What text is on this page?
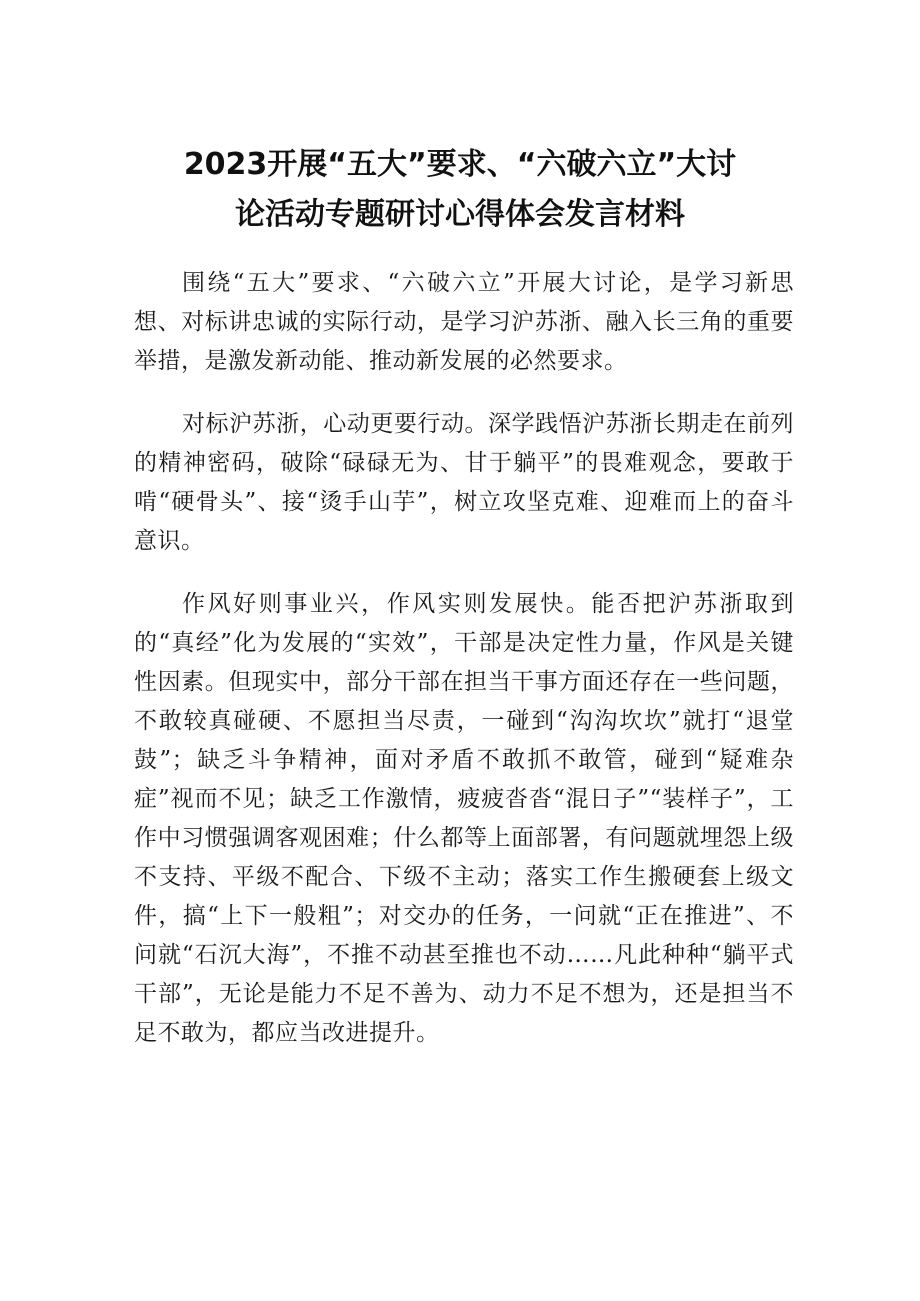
2023开展“五大”要求、“六破六立”大讨
论活动专题研讨心得体会发言材料

围绕“五大”要求、“六破六立”开展大讨论，是学习新思想、对标讲忠诚的实际行动，是学习沪苏浙、融入长三角的重要举措，是激发新动能、推动新发展的必然要求。

对标沪苏浙，心动更要行动。深学践悟沪苏浙长期走在前列的精神密码，破除“碌碌无为、甘于躺平”的畏难观念，要敢于啃“硬骨头”、接“烫手山芋”，树立攻坚克难、迎难而上的奋斗意识。

作风好则事业兴，作风实则发展快。能否把沪苏浙取到的“真经”化为发展的“实效”，干部是决定性力量，作风是关键性因素。但现实中，部分干部在担当干事方面还存在一些问题，不敢较真碰硬、不愿担当尽责，一碰到“沟沟坎坎”就打“退堂鼓”；缺乏斗争精神，面对矛盾不敢抓不敢管，碰到“疑难杂症”视而不见；缺乏工作激情，疲疲沓沓“混日子”“装样子”，工作中习惯强调客观困难；什么都等上面部署，有问题就埋怨上级不支持、平级不配合、下级不主动；落实工作生搬硬套上级文件，搞“上下一般粗”；对交办的任务，一问就“正在推进”、不问就“石沉大海”，不推不动甚至推也不动……凡此种种“躺平式干部”，无论是能力不足不善为、动力不足不想为，还是担当不足不敢为，都应当改进提升。
